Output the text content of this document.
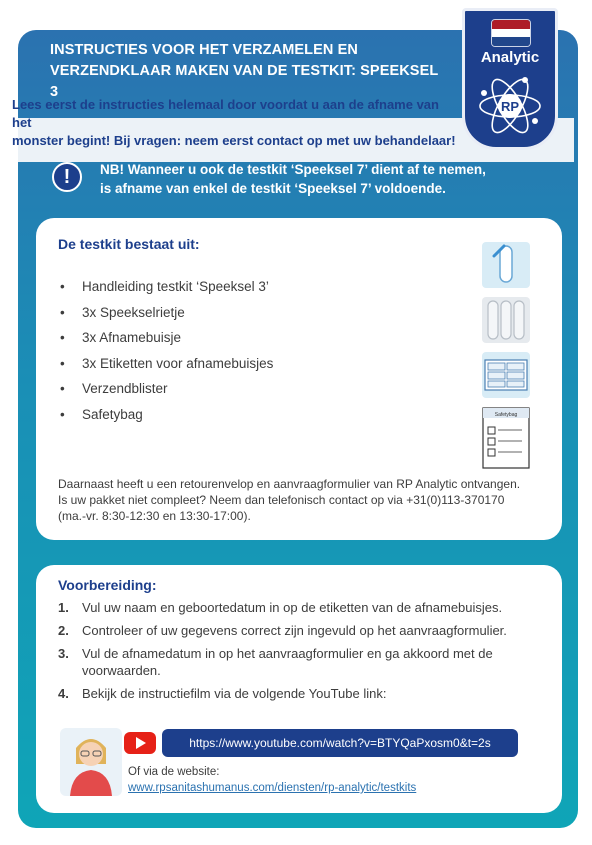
INSTRUCTIES VOOR HET VERZAMELEN EN
VERZENDKLAAR MAKEN VAN DE TESTKIT: SPEEKSEL 3
Lees eerst de instructies helemaal door voordat u aan de afname van het
monster begint! Bij vragen: neem eerst contact op met uw behandelaar!
Analytic
RP
!	NB! Wanneer u ook de testkit ‘Speeksel 7’ dient af te nemen,
is afname van enkel de testkit ‘Speeksel 7’ voldoende.
De testkit bestaat uit:
• Handleiding testkit ‘Speeksel 3’
• 3x Speekselrietje
• 3x Afnamebuisje
• 3x Etiketten voor afnamebuisjes
• Verzendblister
• Safetybag
	Safetybag
Daarnaast heeft u een retourenvelop en aanvraagformulier van RP Analytic ontvangen.
Is uw pakket niet compleet? Neem dan telefonisch contact op via +31(0)113-370170
(ma.-vr. 8:30-12:30 en 13:30-17:00).
Voorbereiding:
1. Vul uw naam en geboortedatum in op de etiketten van de afnamebuisjes.
2. Controleer of uw gegevens correct zijn ingevuld op het aanvraagformulier.
3. Vul de afnamedatum in op het aanvraagformulier en ga akkoord met de voorwaarden.
4. Bekijk de instructiefilm via de volgende YouTube link:
https://www.youtube.com/watch?v=BTYQaPxosm0&t=2s
Of via de website:
www.rpsanitashumanus.com/diensten/rp-analytic/testkits
